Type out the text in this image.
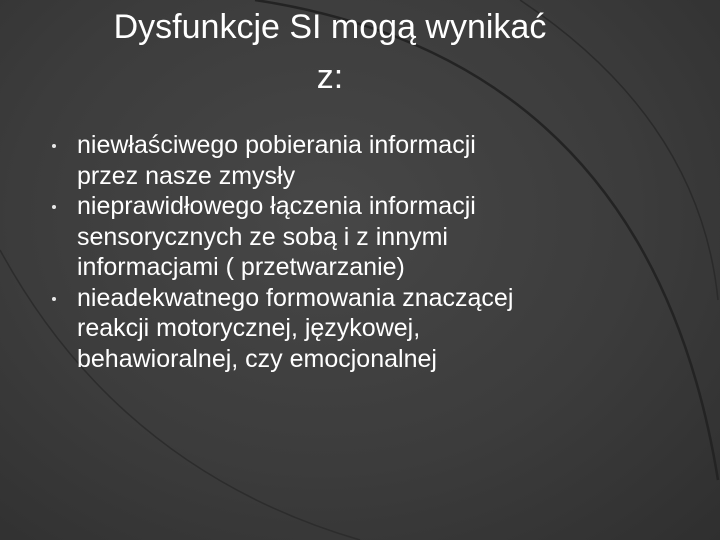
Dysfunkcje SI mogą wynikać
z:
niewłaściwego pobierania informacji
przez nasze zmysły
nieprawidłowego łączenia informacji
sensorycznych ze sobą i z innymi
informacjami ( przetwarzanie)
nieadekwatnego formowania znaczącej
reakcji motorycznej, językowej,
behawioralnej, czy emocjonalnej
